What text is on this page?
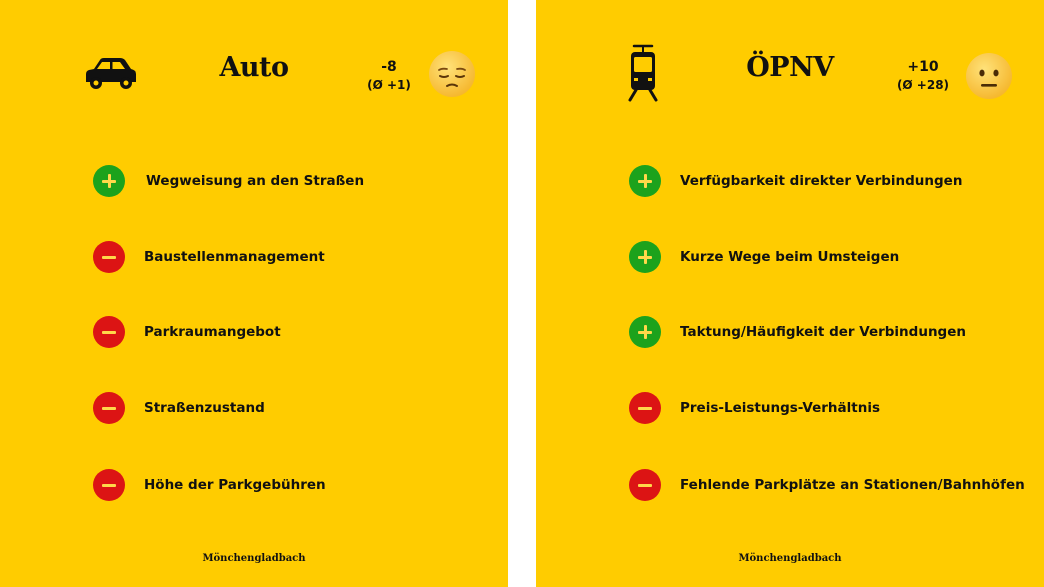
Auto	-8
(Ø +1)
Wegweisung an den Straßen
Baustellenmanagement
Parkraumangebot
Straßenzustand
Höhe der Parkgebühren
Mönchengladbach
ÖPNV	+10
(Ø +28)
Verfügbarkeit direkter Verbindungen
Kurze Wege beim Umsteigen
Taktung/Häufigkeit der Verbindungen
Preis-Leistungs-Verhältnis
Fehlende Parkplätze an Stationen/Bahnhöfen
Mönchengladbach
